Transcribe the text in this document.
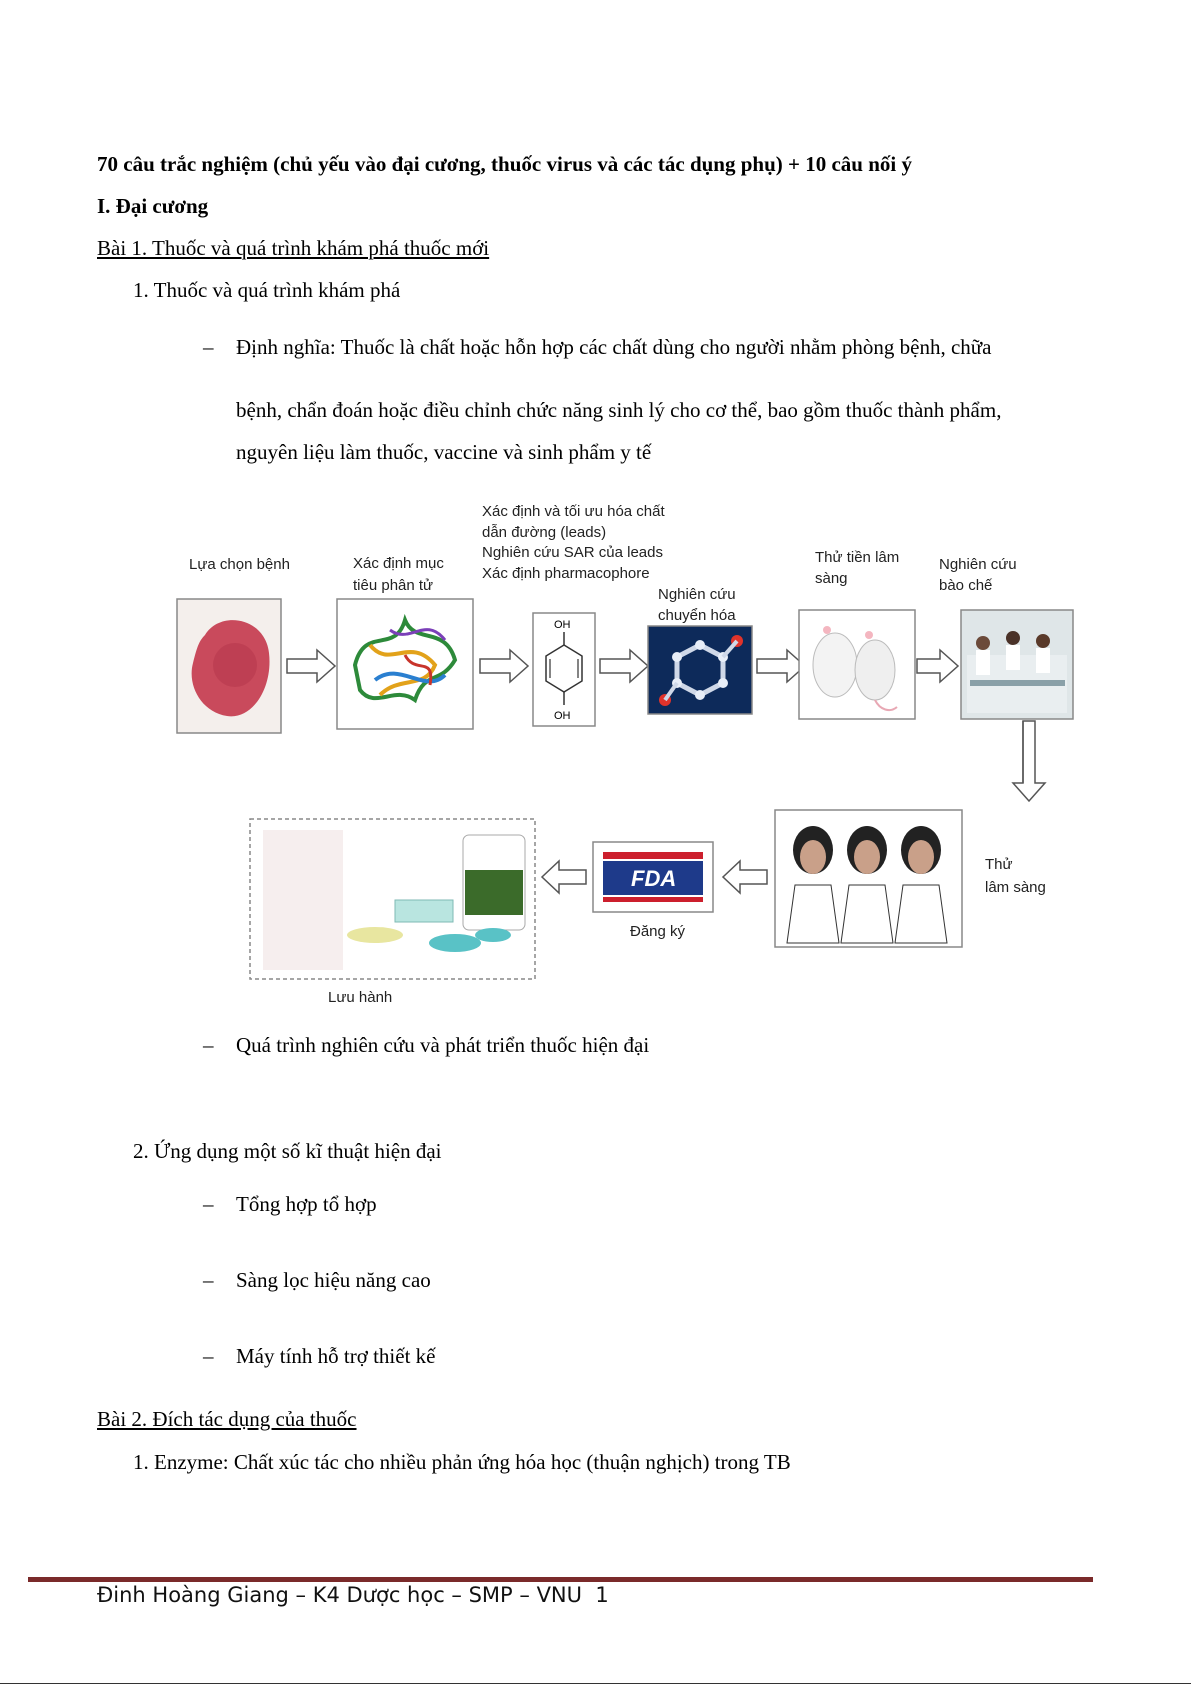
70 câu trắc nghiệm (chủ yếu vào đại cương, thuốc virus và các tác dụng phụ) + 10 câu nối ý
I. Đại cương
Bài 1. Thuốc và quá trình khám phá thuốc mới
1. Thuốc và quá trình khám phá
– Định nghĩa: Thuốc là chất hoặc hỗn hợp các chất dùng cho người nhằm phòng bệnh, chữa
bệnh, chẩn đoán hoặc điều chỉnh chức năng sinh lý cho cơ thể, bao gồm thuốc thành phẩm,
nguyên liệu làm thuốc, vaccine và sinh phẩm y tế
Lựa chọn bệnh	Xác định mục
tiêu phân tử
Xác định và tối ưu hóa chất
dẫn đường (leads)
Nghiên cứu SAR của leads
Xác định pharmacophore
OH
OH
Nghiên cứu
chuyển hóa
Thử tiền lâm
sàng
Nghiên cứu
bào chế
Thử
lâm sàng
FDA
Đăng ký
Lưu hành
– Quá trình nghiên cứu và phát triển thuốc hiện đại
2. Ứng dụng một số kĩ thuật hiện đại
– Tổng hợp tổ hợp
– Sàng lọc hiệu năng cao
– Máy tính hỗ trợ thiết kế
Bài 2. Đích tác dụng của thuốc
1. Enzyme: Chất xúc tác cho nhiều phản ứng hóa học (thuận nghịch) trong TB
Đinh Hoàng Giang – K4 Dược học – SMP – VNU 1
